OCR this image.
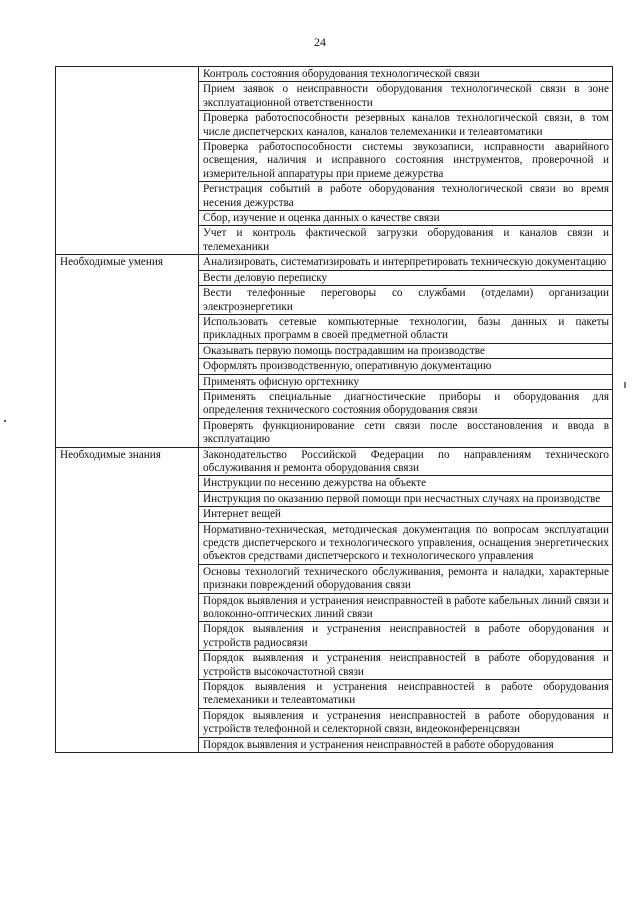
24
	Контроль состояния оборудования технологической связи
	Прием заявок о неисправности оборудования технологической связи в зоне эксплуатационной ответственности
	Проверка работоспособности резервных каналов технологической связи, в том числе диспетчерских каналов, каналов телемеханики и телеавтоматики
	Проверка работоспособности системы звукозаписи, исправности аварийного освещения, наличия и исправного состояния инструментов, проверочной и измерительной аппаратуры при приеме дежурства
	Регистрация событий в работе оборудования технологической связи во время несения дежурства
	Сбор, изучение и оценка данных о качестве связи
	Учет и контроль фактической загрузки оборудования и каналов связи и телемеханики
Необходимые умения	Анализировать, систематизировать и интерпретировать техническую документацию
	Вести деловую переписку
	Вести телефонные переговоры со службами (отделами) организации электроэнергетики
	Использовать сетевые компьютерные технологии, базы данных и пакеты прикладных программ в своей предметной области
	Оказывать первую помощь пострадавшим на производстве
	Оформлять производственную, оперативную документацию
	Применять офисную оргтехнику
	Применять специальные диагностические приборы и оборудования для определения технического состояния оборудования связи
	Проверять функционирование сети связи после восстановления и ввода в эксплуатацию
Необходимые знания	Законодательство Российской Федерации по направлениям технического обслуживания и ремонта оборудования связи
	Инструкции по несению дежурства на объекте
	Инструкция по оказанию первой помощи при несчастных случаях на производстве
	Интернет вещей
	Нормативно-техническая, методическая документация по вопросам эксплуатации средств диспетчерского и технологического управления, оснащения энергетических объектов средствами диспетчерского и технологического управления
	Основы технологий технического обслуживания, ремонта и наладки, характерные признаки повреждений оборудования связи
	Порядок выявления и устранения неисправностей в работе кабельных линий связи и волоконно-оптических линий связи
	Порядок выявления и устранения неисправностей в работе оборудования и устройств радиосвязи
	Порядок выявления и устранения неисправностей в работе оборудования и устройств высокочастотной связи
	Порядок выявления и устранения неисправностей в работе оборудования телемеханики и телеавтоматики
	Порядок выявления и устранения неисправностей в работе оборудования и устройств телефонной и селекторной связи, видеоконференцсвязи
	Порядок выявления и устранения неисправностей в работе оборудования
